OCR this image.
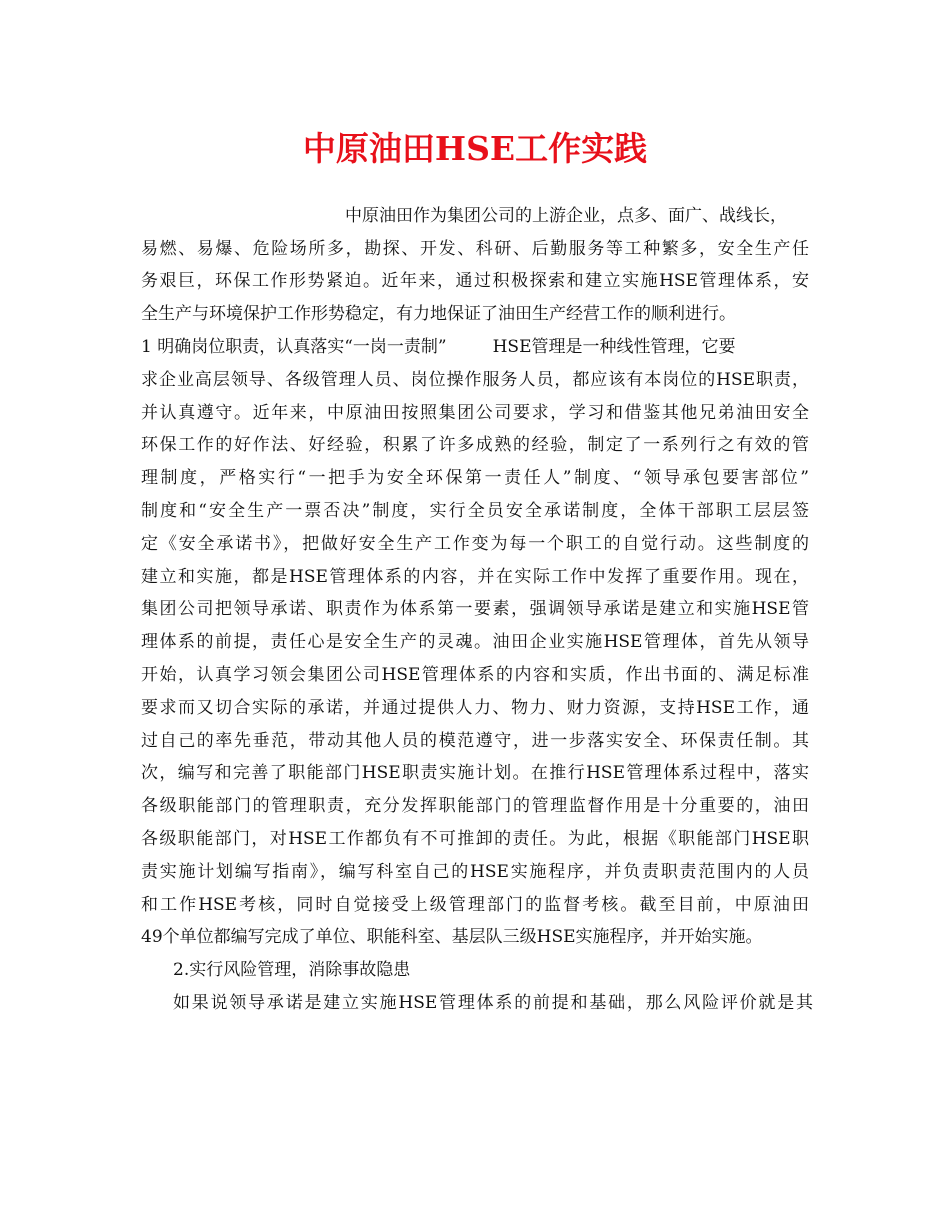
中原油田HSE工作实践
中原油田作为集团公司的上游企业，点多、面广、战线长，
易燃、易爆、危险场所多，勘探、开发、科研、后勤服务等工种繁多，安全生产任
务艰巨，环保工作形势紧迫。近年来，通过积极探索和建立实施HSE管理体系，安
全生产与环境保护工作形势稳定，有力地保证了油田生产经营工作的顺利进行。
1 明确岗位职责，认真落实“一岗一责制”	HSE管理是一种线性管理，它要
求企业高层领导、各级管理人员、岗位操作服务人员，都应该有本岗位的HSE职责，
并认真遵守。近年来，中原油田按照集团公司要求，学习和借鉴其他兄弟油田安全
环保工作的好作法、好经验，积累了许多成熟的经验，制定了一系列行之有效的管
理制度，严格实行“一把手为安全环保第一责任人”制度、“领导承包要害部位”
制度和“安全生产一票否决”制度，实行全员安全承诺制度，全体干部职工层层签
定《安全承诺书》，把做好安全生产工作变为每一个职工的自觉行动。这些制度的
建立和实施，都是HSE管理体系的内容，并在实际工作中发挥了重要作用。现在，
集团公司把领导承诺、职责作为体系第一要素，强调领导承诺是建立和实施HSE管
理体系的前提，责任心是安全生产的灵魂。油田企业实施HSE管理体，首先从领导
开始，认真学习领会集团公司HSE管理体系的内容和实质，作出书面的、满足标准
要求而又切合实际的承诺，并通过提供人力、物力、财力资源，支持HSE工作，通
过自己的率先垂范，带动其他人员的模范遵守，进一步落实安全、环保责任制。其
次，编写和完善了职能部门HSE职责实施计划。在推行HSE管理体系过程中，落实
各级职能部门的管理职责，充分发挥职能部门的管理监督作用是十分重要的，油田
各级职能部门，对HSE工作都负有不可推卸的责任。为此，根据《职能部门HSE职
责实施计划编写指南》，编写科室自己的HSE实施程序，并负责职责范围内的人员
和工作HSE考核，同时自觉接受上级管理部门的监督考核。截至目前，中原油田
49个单位都编写完成了单位、职能科室、基层队三级HSE实施程序，并开始实施。
2.实行风险管理，消除事故隐患
如果说领导承诺是建立实施HSE管理体系的前提和基础，那么风险评价就是其
